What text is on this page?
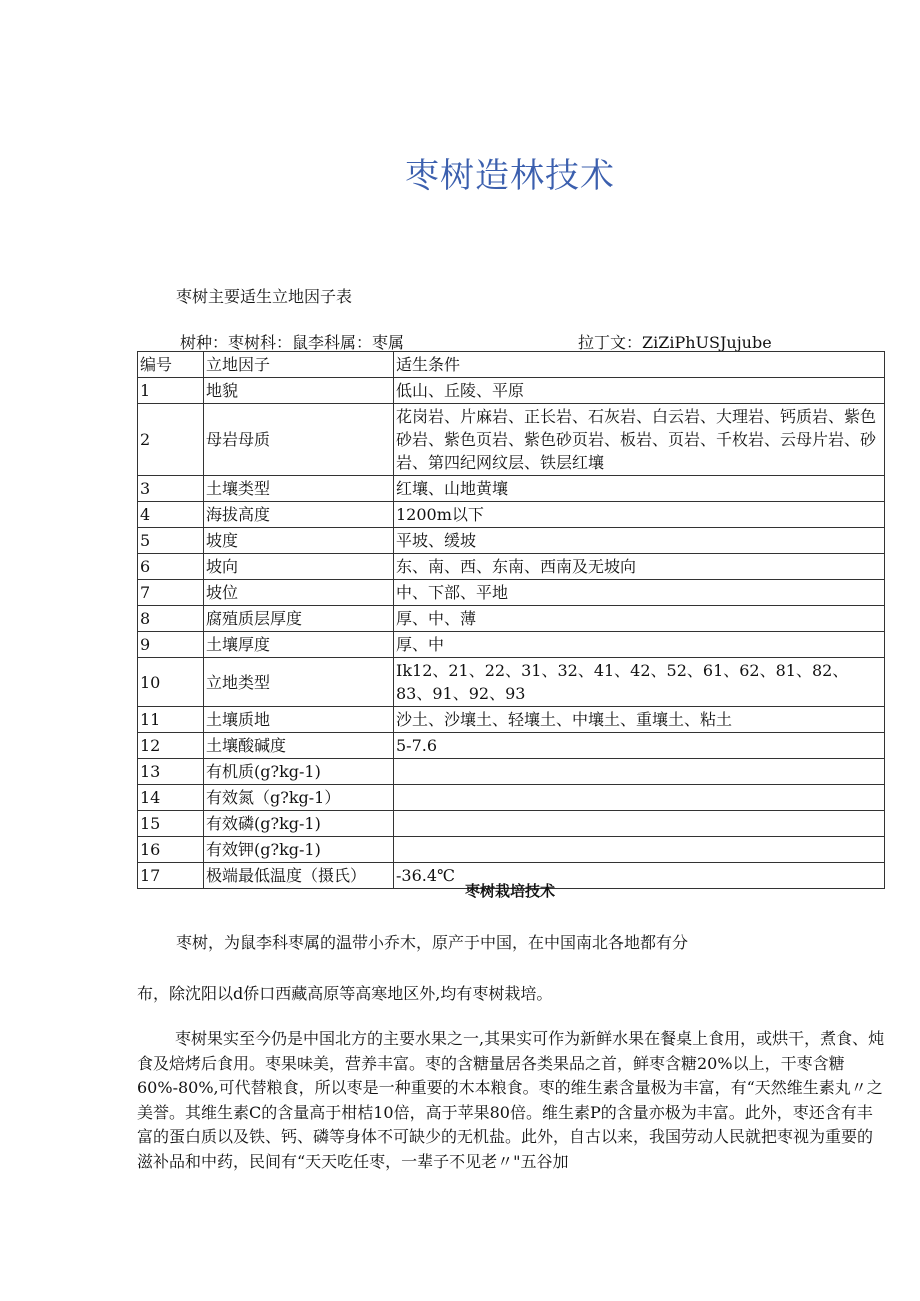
枣树造林技术
枣树主要适生立地因子表
树种：枣树科：鼠李科属：枣属	拉丁文：ZiZiPhUSJujube
编号	立地因子	适生条件
1	地貌	低山、丘陵、平原
2	母岩母质	花岗岩、片麻岩、正长岩、石灰岩、白云岩、大理岩、钙质岩、紫色砂岩、紫色页岩、紫色砂页岩、板岩、页岩、千枚岩、云母片岩、砂岩、第四纪网纹层、铁层红壤
3	土壤类型	红壤、山地黄壤
4	海拔高度	1200m以下
5	坡度	平坡、缓坡
6	坡向	东、南、西、东南、西南及无坡向
7	坡位	中、下部、平地
8	腐殖质层厚度	厚、中、薄
9	土壤厚度	厚、中
10	立地类型	Ik12、21、22、31、32、41、42、52、61、62、81、82、83、91、92、93
11	土壤质地	沙土、沙壤土、轻壤土、中壤土、重壤土、粘土
12	土壤酸碱度	5-7.6
13	有机质(g?kg-1)	
14	有效氮（g?kg-1）	
15	有效磷(g?kg-1)	
16	有效钾(g?kg-1)	
17	极端最低温度（摄氏）	-36.4℃
枣树栽培技术
枣树，为鼠李科枣属的温带小乔木，原产于中国，在中国南北各地都有分
布，除沈阳以d侨口西藏高原等高寒地区外,均有枣树栽培。
枣树果实至今仍是中国北方的主要水果之一,其果实可作为新鲜水果在餐桌上食用，或烘干，煮食、炖食及焙烤后食用。枣果味美，营养丰富。枣的含糖量居各类果品之首，鲜枣含糖20%以上，干枣含糖60%-80%,可代替粮食，所以枣是一种重要的木本粮食。枣的维生素含量极为丰富，有“天然维生素丸〃之美誉。其维生素C的含量高于柑桔10倍，高于苹果80倍。维生素P的含量亦极为丰富。此外，枣还含有丰富的蛋白质以及铁、钙、磷等身体不可缺少的无机盐。此外，自古以来，我国劳动人民就把枣视为重要的滋补品和中药，民间有“天天吃任枣，一辈子不见老〃"五谷加
